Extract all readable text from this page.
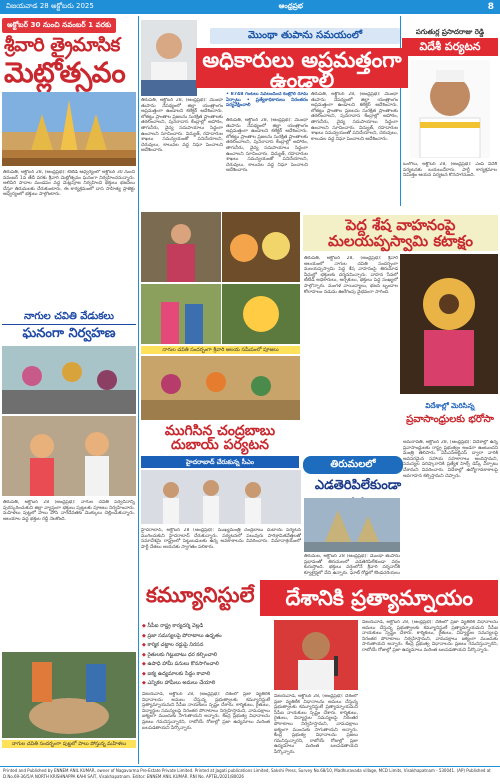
విజయవాడ 28 అక్టోబరు 2025	ఆంధ్రప్రభ	8
అక్టోబర్ 30 నుంచి నవంబర్ 1 వరకు
శ్రీవారి త్రైమాసిక
మెట్లోత్సవం
తిరుపతి, అక్టోబర్ 28, (ఆంధ్రప్రభ): టీటీడీ ఆధ్వర్యంలో అక్టోబర్ 30 నుంచి నవంబర్ 1వ తేదీ వరకు శ్రీవారి మెట్లోత్సవం ఘనంగా నిర్వహించనున్నారు. అలిపిరి పాదాల మండపం వద్ద మెట్లపూజ నిర్వహించి భక్తులు భజనలు చేస్తూ తిరుమలకు చేరుకుంటారు. ఈ కార్యక్రమంలో దాస సాహిత్య ప్రాజెక్టు ఆధ్వర్యంలో భక్తులు పాల్గొంటారు.
నాగుల చవితి వేడుకలు
ఘనంగా నిర్వహణ
తిరుపతి, అక్టోబర్ 28 (ఆంధ్రప్రభ): నాగుల చవితి పర్వదినాన్ని పురస్కరించుకుని జిల్లా వ్యాప్తంగా భక్తులు పుట్టలకు పూజలు నిర్వహించారు. మహిళలు పుట్టలో పాలు పోసి నాగదేవతకు మొక్కులు చెల్లించుకున్నారు. ఆలయాల వద్ద భక్తుల రద్దీ నెలకొంది.
నాగుల చవితి సందర్భంగా పుట్టలో పాలు పోస్తున్న మహిళలు
మొంథా తుపాను సమయంలో
అధికారులు అప్రమత్తంగా ఉండాలి
• 8748 గంటలు సేవలందించే కంట్రోల్ రూమ్ ఏర్పాటు • ప్రత్యేకాధికారులు నిరంతరం పర్యవేక్షించాలి
తిరుపతి, అక్టోబర్ 28, (ఆంధ్రప్రభ): మొంథా తుపాను నేపథ్యంలో జిల్లా యంత్రాంగం అప్రమత్తంగా ఉండాలని కలెక్టర్ ఆదేశించారు. లోతట్టు ప్రాంతాల ప్రజలను సురక్షిత ప్రాంతాలకు తరలించాలని, పునరావాస కేంద్రాల్లో ఆహారం, తాగునీరు, వైద్య సదుపాయాలు సిద్ధంగా ఉంచాలని సూచించారు. విద్యుత్, రహదారుల శాఖలు సమన్వయంతో పనిచేయాలని, చెరువులు, కాలువల వద్ద నిఘా పెంచాలని ఆదేశించారు.
తిరుపతి, అక్టోబర్ 28, (ఆంధ్రప్రభ): మొంథా తుపాను నేపథ్యంలో జిల్లా యంత్రాంగం అప్రమత్తంగా ఉండాలని కలెక్టర్ ఆదేశించారు. లోతట్టు ప్రాంతాల ప్రజలను సురక్షిత ప్రాంతాలకు తరలించాలని, పునరావాస కేంద్రాల్లో ఆహారం, తాగునీరు, వైద్య సదుపాయాలు సిద్ధంగా ఉంచాలని సూచించారు. విద్యుత్, రహదారుల శాఖలు సమన్వయంతో పనిచేయాలని, చెరువులు, కాలువల వద్ద నిఘా పెంచాలని ఆదేశించారు.
తిరుపతి, అక్టోబర్ 28, (ఆంధ్రప్రభ): మొంథా తుపాను నేపథ్యంలో జిల్లా యంత్రాంగం అప్రమత్తంగా ఉండాలని కలెక్టర్ ఆదేశించారు. లోతట్టు ప్రాంతాల ప్రజలను సురక్షిత ప్రాంతాలకు తరలించాలని, పునరావాస కేంద్రాల్లో ఆహారం, తాగునీరు, వైద్య సదుపాయాలు సిద్ధంగా ఉంచాలని సూచించారు. విద్యుత్, రహదారుల శాఖలు సమన్వయంతో పనిచేయాలని, చెరువులు, కాలువల వద్ద నిఘా పెంచాలని ఆదేశించారు.
పగుతుర్ల ప్రసాదరాజు రెడ్డి
విదేశీ పర్యటన
ఒంగోలు, అక్టోబర్ 28, (ఆంధ్రప్రభ): ఎంపీ విదేశీ పర్యటనకు బయలుదేరారు. పార్టీ కార్యక్రమాల నిమిత్తం ఆయన పర్యటన కొనసాగనుంది.
నాగుల చవితి సందర్భంగా శ్రీవారి ఆలయ సమీపంలో పూజలు
పెద్ద శేష వాహనంపై మలయప్పస్వామి కటాక్షం
తిరుపతి, అక్టోబర్ 28, (ఆంధ్రప్రభ): శ్రీవారి ఆలయంలో నాగుల చవితి సందర్భంగా మలయప్పస్వామి పెద్ద శేష వాహనంపై తిరుమాడ వీధుల్లో భక్తులకు దర్శనమిచ్చారు. వాహన సేవలో టీటీడీ అధికారులు, అర్చకులు, భక్తులు పెద్ద సంఖ్యలో పాల్గొన్నారు. మంగళ వాయిద్యాలు, భజన బృందాల కోలాహలం నడుమ ఊరేగింపు వైభవంగా సాగింది.
ముగిసిన చంద్రబాబు దుబాయ్ పర్యటన
హైదరాబాద్ చేరుకున్న సీఎం
హైదరాబాద్, అక్టోబర్ 28 (ఆంధ్రప్రభ): ముఖ్యమంత్రి చంద్రబాబు దుబాయ్ పర్యటన ముగించుకుని హైదరాబాద్ చేరుకున్నారు. పర్యటనలో పలువురు పారిశ్రామికవేత్తలతో సమావేశమై రాష్ట్రంలో పెట్టుబడులకు ఉన్న అవకాశాలను వివరించారు. విమానాశ్రయంలో పార్టీ నేతలు ఆయనకు స్వాగతం పలికారు.
తిరుమలలో
ఎడతెరిపిలేకుండా
తిరుమల, అక్టోబర్ 28 (ఆంధ్రప్రభ): మొంథా తుపాను ప్రభావంతో తిరుమలలో ఎడతెరిపిలేకుండా వర్షం కురుస్తోంది. భక్తులు వర్షంలోనే శ్రీవారి దర్శనానికి క్యూలైన్లలో వేచి ఉన్నారు. ఘాట్ రోడ్లలో కొండచరియలు
విదేశాల్లో మెరిసిన్న
ప్రవాసాంధ్రులకు భరోసా
అమరావతి, అక్టోబర్ 28, (ఆంధ్రప్రభ): విదేశాల్లో ఉన్న ప్రవాసాంధ్రులకు రాష్ట్ర ప్రభుత్వం అండగా ఉంటుందని మంత్రి తెలిపారు. ఏపీఎన్ఆర్టీఎస్ ద్వారా వారికి అవసరమైన సహాయ సహకారాలు అందిస్తామని, సమస్యల పరిష్కారానికి ప్రత్యేక హెల్ప్ డెస్క్ ఏర్పాటు చేశామని వివరించారు. విదేశాల్లో ఉద్యోగావకాశాలపై అవగాహన కల్పిస్తామని చెప్పారు.
కమ్యూనిస్టులే	దేశానికి ప్రత్యామ్నాయం
◆ సీపీఐ రాష్ట్ర కార్యదర్శి వెల్లడి
◆ ప్రజా సమస్యలపై పోరాటాలు ఉధృతం
◆ కార్మిక చట్టాల రద్దుపై నిరసన
◆ రైతులకు గిట్టుబాటు ధర కల్పించాలి
◆ ఉపాధి హామీ పనులు కొనసాగించాలి
◆ ఐక్య ఉద్యమాలకు సిద్ధం కావాలి
◆ ఎన్నికల హామీలు అమలు చేయాలి
విజయవాడ, అక్టోబర్ 28, (ఆంధ్రప్రభ): దేశంలో ప్రజా వ్యతిరేక విధానాలను అమలు చేస్తున్న ప్రభుత్వాలకు కమ్యూనిస్టులే ప్రత్యామ్నాయమని సీపీఐ నాయకులు స్పష్టం చేశారు. కార్మికులు, రైతులు, విద్యార్థుల సమస్యలపై నిరంతర పోరాటాలు నిర్వహిస్తామని, వామపక్షాలు ఐక్యంగా ముందుకు సాగుతాయని అన్నారు. కేంద్ర ప్రభుత్వ విధానాలను ప్రజలు గమనిస్తున్నారని, రాబోయే రోజుల్లో ప్రజా ఉద్యమాలు మరింత బలపడతాయని పేర్కొన్నారు.
విజయవాడ, అక్టోబర్ 28, (ఆంధ్రప్రభ): దేశంలో ప్రజా వ్యతిరేక విధానాలను అమలు చేస్తున్న ప్రభుత్వాలకు కమ్యూనిస్టులే ప్రత్యామ్నాయమని సీపీఐ నాయకులు స్పష్టం చేశారు. కార్మికులు, రైతులు, విద్యార్థుల సమస్యలపై నిరంతర పోరాటాలు నిర్వహిస్తామని, వామపక్షాలు ఐక్యంగా ముందుకు సాగుతాయని అన్నారు. కేంద్ర ప్రభుత్వ విధానాలను ప్రజలు గమనిస్తున్నారని, రాబోయే రోజుల్లో ప్రజా ఉద్యమాలు మరింత బలపడతాయని పేర్కొన్నారు.
విజయవాడ, అక్టోబర్ 28, (ఆంధ్రప్రభ): దేశంలో ప్రజా వ్యతిరేక విధానాలను అమలు చేస్తున్న ప్రభుత్వాలకు కమ్యూనిస్టులే ప్రత్యామ్నాయమని సీపీఐ నాయకులు స్పష్టం చేశారు. కార్మికులు, రైతులు, విద్యార్థుల సమస్యలపై నిరంతర పోరాటాలు నిర్వహిస్తామని, వామపక్షాలు ఐక్యంగా ముందుకు సాగుతాయని అన్నారు. కేంద్ర ప్రభుత్వ విధానాలను ప్రజలు గమనిస్తున్నారని, రాబోయే రోజుల్లో ప్రజా ఉద్యమాలు మరింత బలపడతాయని పేర్కొన్నారు.
Printed and Published by ENNEM ANIL KUMAR, owner of Nagavarma Pre-Estate Private Limited. Printed at Jagati publications Limited, Sakshi Press, Survey No.68/10, Madhuravada village, MCD Limits, Visakhapatnam - 530041. (AP) Published at D.No.69-36/5/A NORTH KRISHNAPPA KAHI SAIT, Visakhapatnam. Editor: ENNEM ANIL KUMAR. RNI No. APTEL/2021/80026
